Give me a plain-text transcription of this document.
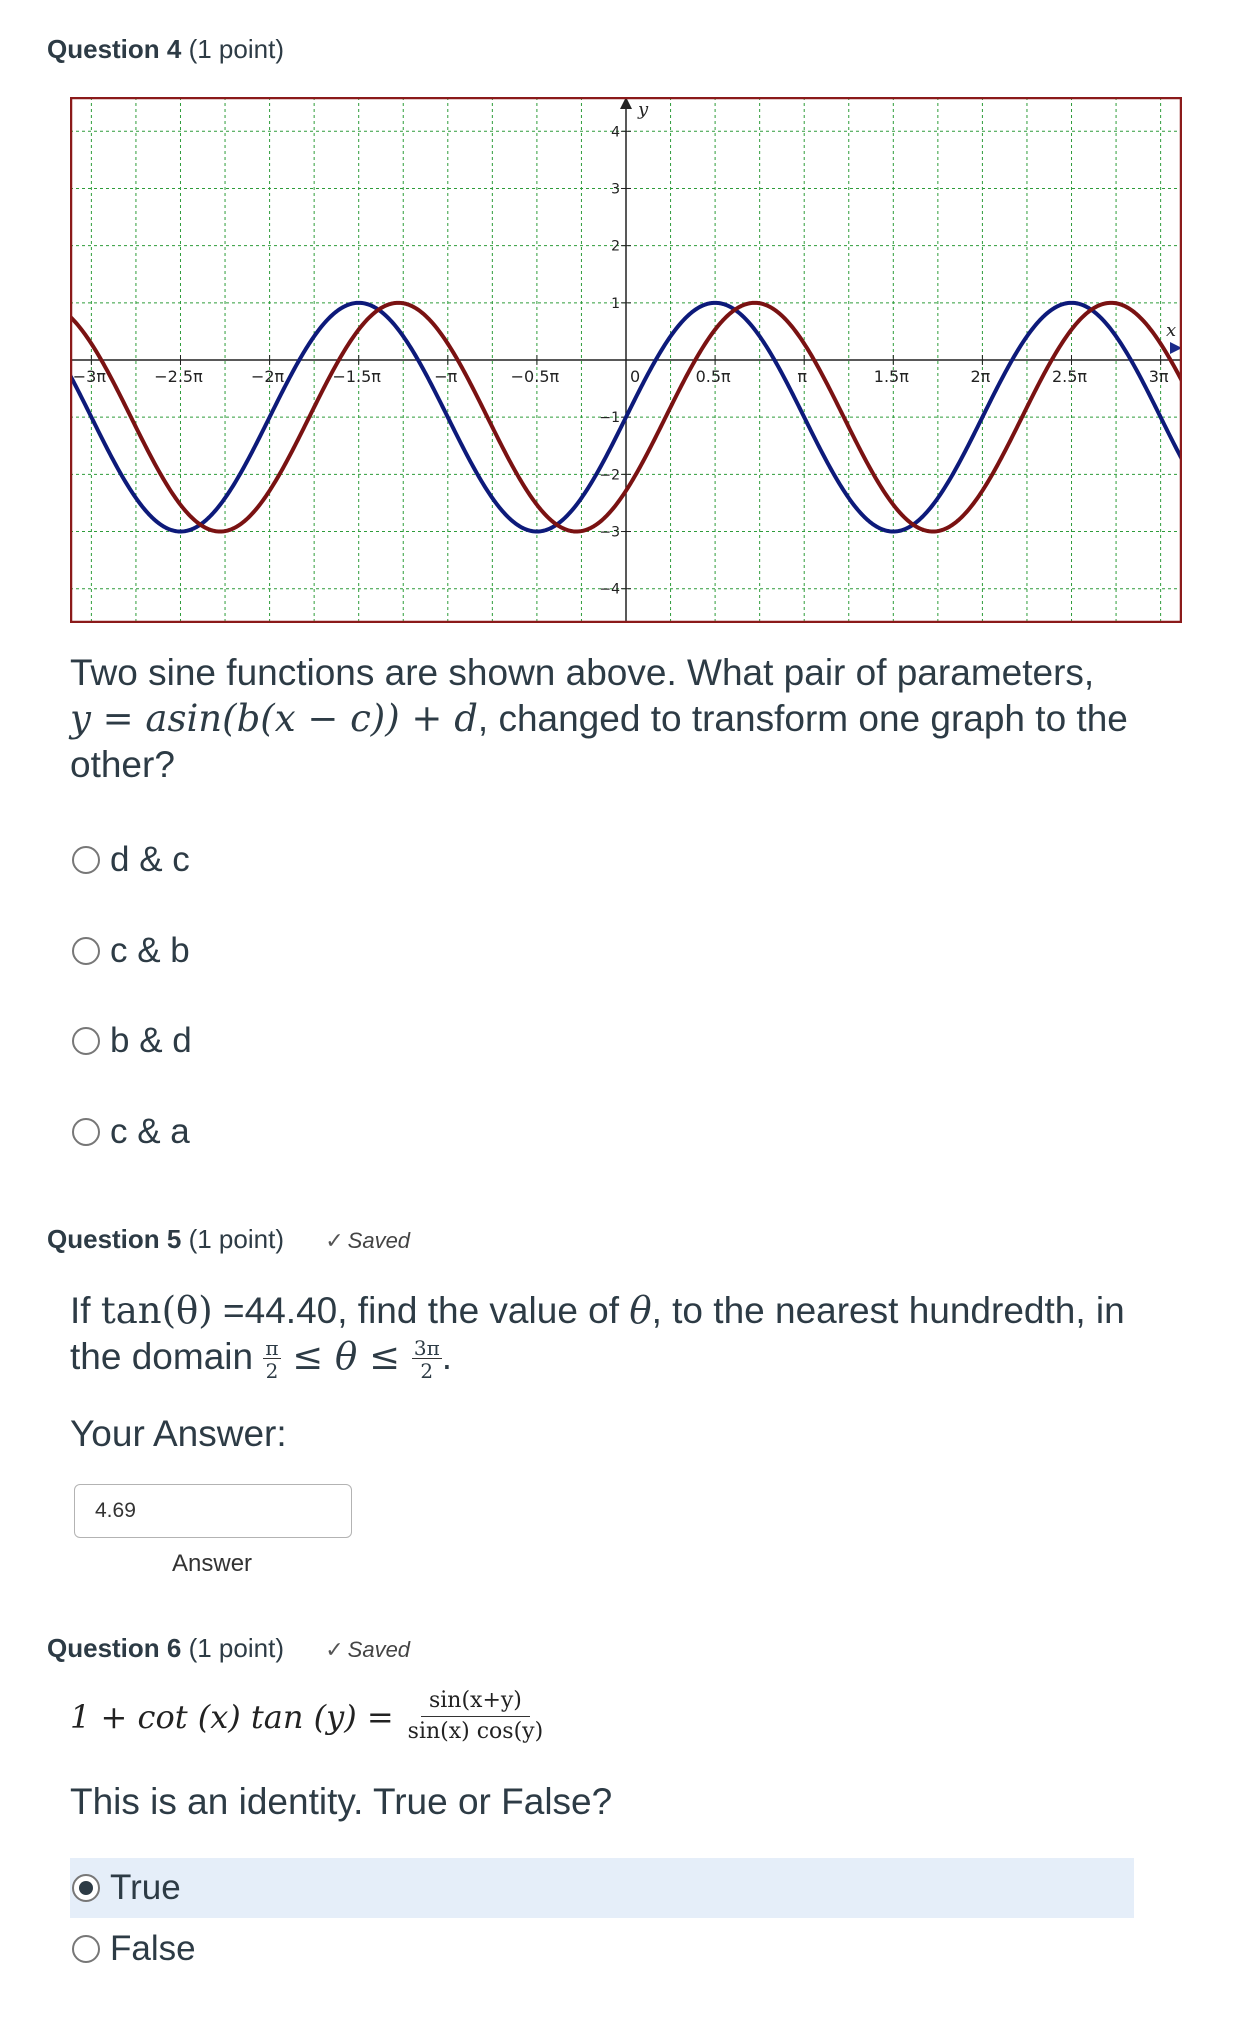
Question 4 (1 point)
y
x
−3π	−2.5π	−2π	−1.5π	−π	−0.5π	0	0.5π	π	1.5π	2π	2.5π	3π
−4
−3
−2
−1
1
2
3
4
Two sine functions are shown above. What pair of parameters,
y = asin(b(x − c)) + d, changed to transform one graph to the
other?
d & c
c & b
b & d
c & a
Question 5 (1 point) ✓ Saved
If tan(θ) =44.40, find the value of θ, to the nearest hundredth, in
the domain $\frac{\pi}{2} \le \theta \le \frac{3\pi}{2}$ .
Your Answer:
4.69
Answer
Question 6 (1 point) ✓ Saved
1 + cot (x) $\tan (y) = \frac{\sin(x+y)}{\sin(x) \cos(y)}$
This is an identity. True or False?
True
False
